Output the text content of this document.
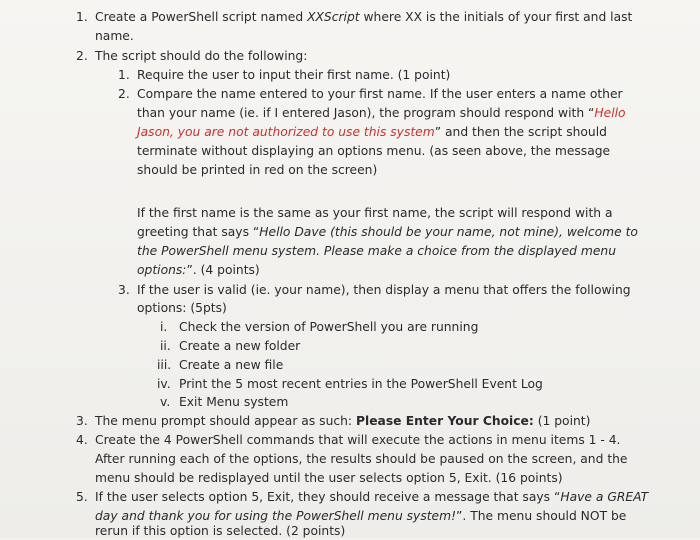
1. Create a PowerShell script named XXScript where XX is the initials of your first and last
name.
2. The script should do the following:
1. Require the user to input their first name. (1 point)
2. Compare the name entered to your first name. If the user enters a name other
than your name (ie. if I entered Jason), the program should respond with “Hello
Jason, you are not authorized to use this system” and then the script should
terminate without displaying an options menu. (as seen above, the message
should be printed in red on the screen)
If the first name is the same as your first name, the script will respond with a
greeting that says “Hello Dave (this should be your name, not mine), welcome to
the PowerShell menu system. Please make a choice from the displayed menu
options:”. (4 points)
3. If the user is valid (ie. your name), then display a menu that offers the following
options: (5pts)
i. Check the version of PowerShell you are running
ii. Create a new folder
iii. Create a new file
iv. Print the 5 most recent entries in the PowerShell Event Log
v. Exit Menu system
3. The menu prompt should appear as such: Please Enter Your Choice: (1 point)
4. Create the 4 PowerShell commands that will execute the actions in menu items 1 - 4.
After running each of the options, the results should be paused on the screen, and the
menu should be redisplayed until the user selects option 5, Exit. (16 points)
5. If the user selects option 5, Exit, they should receive a message that says “Have a GREAT
day and thank you for using the PowerShell menu system!”. The menu should NOT be
rerun if this option is selected. (2 points)
